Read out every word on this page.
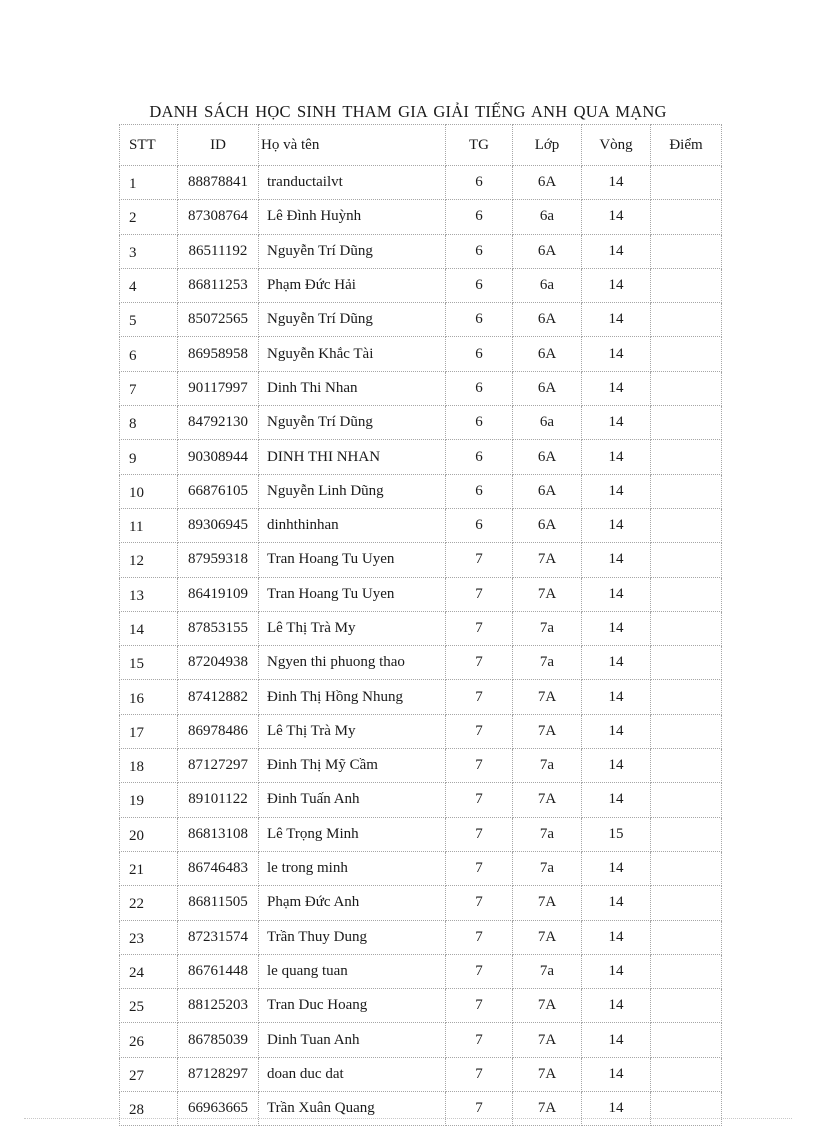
DANH SÁCH HỌC SINH THAM GIA GIẢI TIẾNG ANH QUA MẠNG
STT	ID	Họ và tên	TG	Lớp	Vòng	Điểm
1	88878841	tranductailvt	6	6A	14	
2	87308764	Lê Đình Huỳnh	6	6a	14	
3	86511192	Nguyễn Trí Dũng	6	6A	14	
4	86811253	Phạm Đức Hải	6	6a	14	
5	85072565	Nguyễn Trí Dũng	6	6A	14	
6	86958958	Nguyễn Khắc Tài	6	6A	14	
7	90117997	Dinh Thi Nhan	6	6A	14	
8	84792130	Nguyễn Trí Dũng	6	6a	14	
9	90308944	DINH THI NHAN	6	6A	14	
10	66876105	Nguyễn Linh Dũng	6	6A	14	
11	89306945	dinhthinhan	6	6A	14	
12	87959318	Tran Hoang Tu Uyen	7	7A	14	
13	86419109	Tran Hoang Tu Uyen	7	7A	14	
14	87853155	Lê Thị Trà My	7	7a	14	
15	87204938	Ngyen thi phuong thao	7	7a	14	
16	87412882	Đinh Thị Hồng Nhung	7	7A	14	
17	86978486	Lê Thị Trà My	7	7A	14	
18	87127297	Đinh Thị Mỹ Cầm	7	7a	14	
19	89101122	Đinh Tuấn Anh	7	7A	14	
20	86813108	Lê Trọng Minh	7	7a	15	
21	86746483	le trong minh	7	7a	14	
22	86811505	Phạm Đức Anh	7	7A	14	
23	87231574	Trần Thuy Dung	7	7A	14	
24	86761448	le quang tuan	7	7a	14	
25	88125203	Tran Duc Hoang	7	7A	14	
26	86785039	Dinh Tuan Anh	7	7A	14	
27	87128297	doan duc dat	7	7A	14	
28	66963665	Trần Xuân Quang	7	7A	14	
